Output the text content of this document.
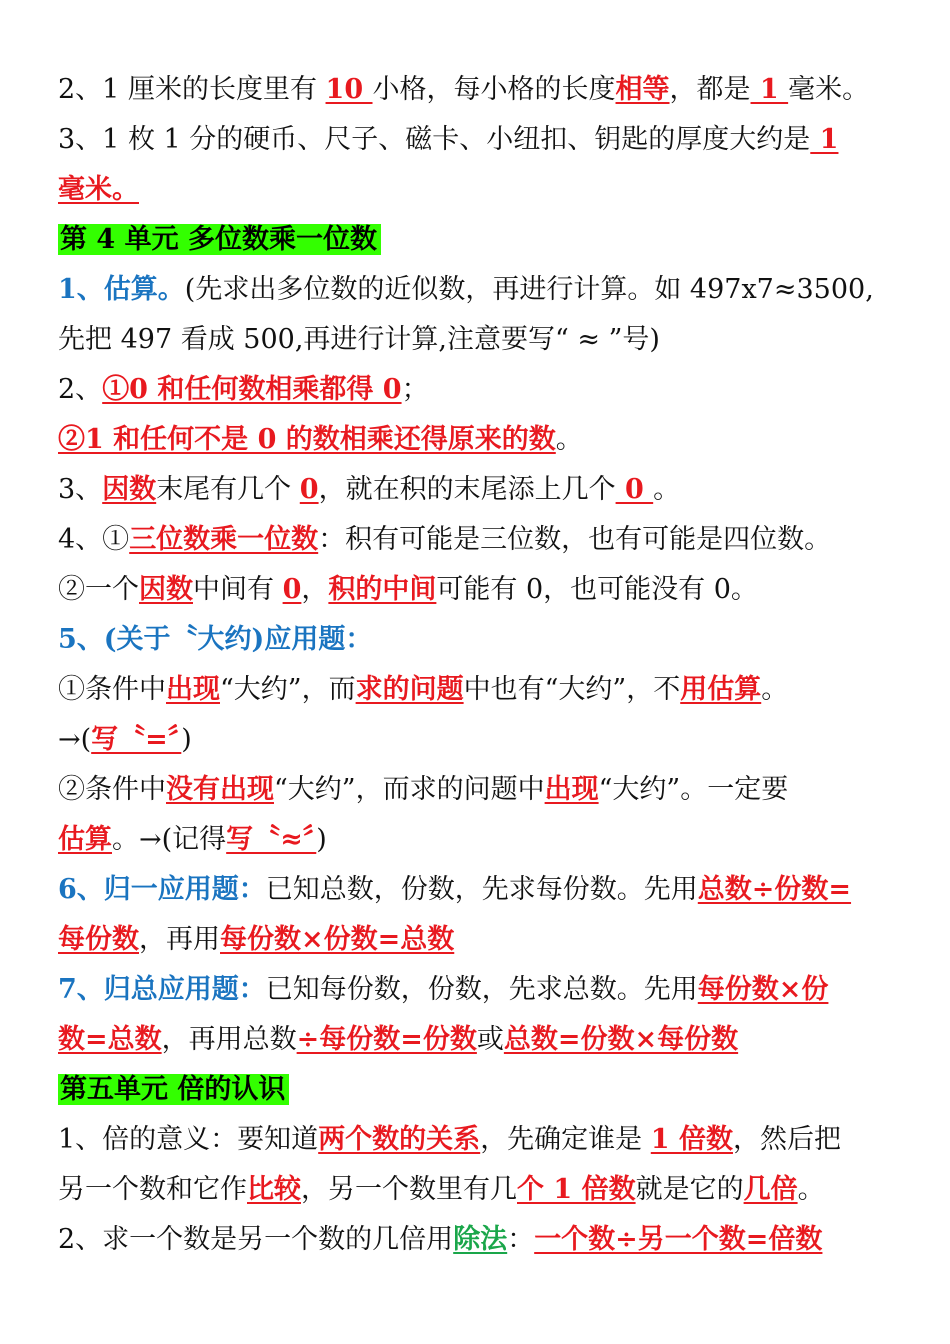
2、1 厘米的长度里有 10 小格，每小格的长度相等，都是 1 毫米。
3、1 枚 1 分的硬币、尺子、磁卡、小纽扣、钥匙的厚度大约是 1
毫米。
第 4 单元 多位数乘一位数
1、估算。(先求出多位数的近似数，再进行计算。如 497x7≈3500,
先把 497 看成 500,再进行计算,注意要写“ ≈ ”号)
2、①0 和任何数相乘都得 0；
②1 和任何不是 0 的数相乘还得原来的数。
3、因数末尾有几个 0，就在积的末尾添上几个 0 。
4、①三位数乘一位数：积有可能是三位数，也有可能是四位数。
②一个因数中间有 0，积的中间可能有 0，也可能没有 0。
5、(关于〝大约)应用题：
①条件中出现“大约”，而求的问题中也有“大约”，不用估算。
→(写〝=〞)
②条件中没有出现“大约”，而求的问题中出现“大约”。一定要
估算。→(记得写〝≈〞)
6、归一应用题：已知总数，份数，先求每份数。先用总数÷份数=
每份数，再用每份数×份数=总数
7、归总应用题：已知每份数，份数，先求总数。先用每份数×份
数=总数，再用总数÷每份数=份数或总数=份数×每份数
第五单元 倍的认识
1、倍的意义：要知道两个数的关系，先确定谁是 1 倍数，然后把
另一个数和它作比较，另一个数里有几个 1 倍数就是它的几倍。
2、求一个数是另一个数的几倍用除法：一个数÷另一个数=倍数
